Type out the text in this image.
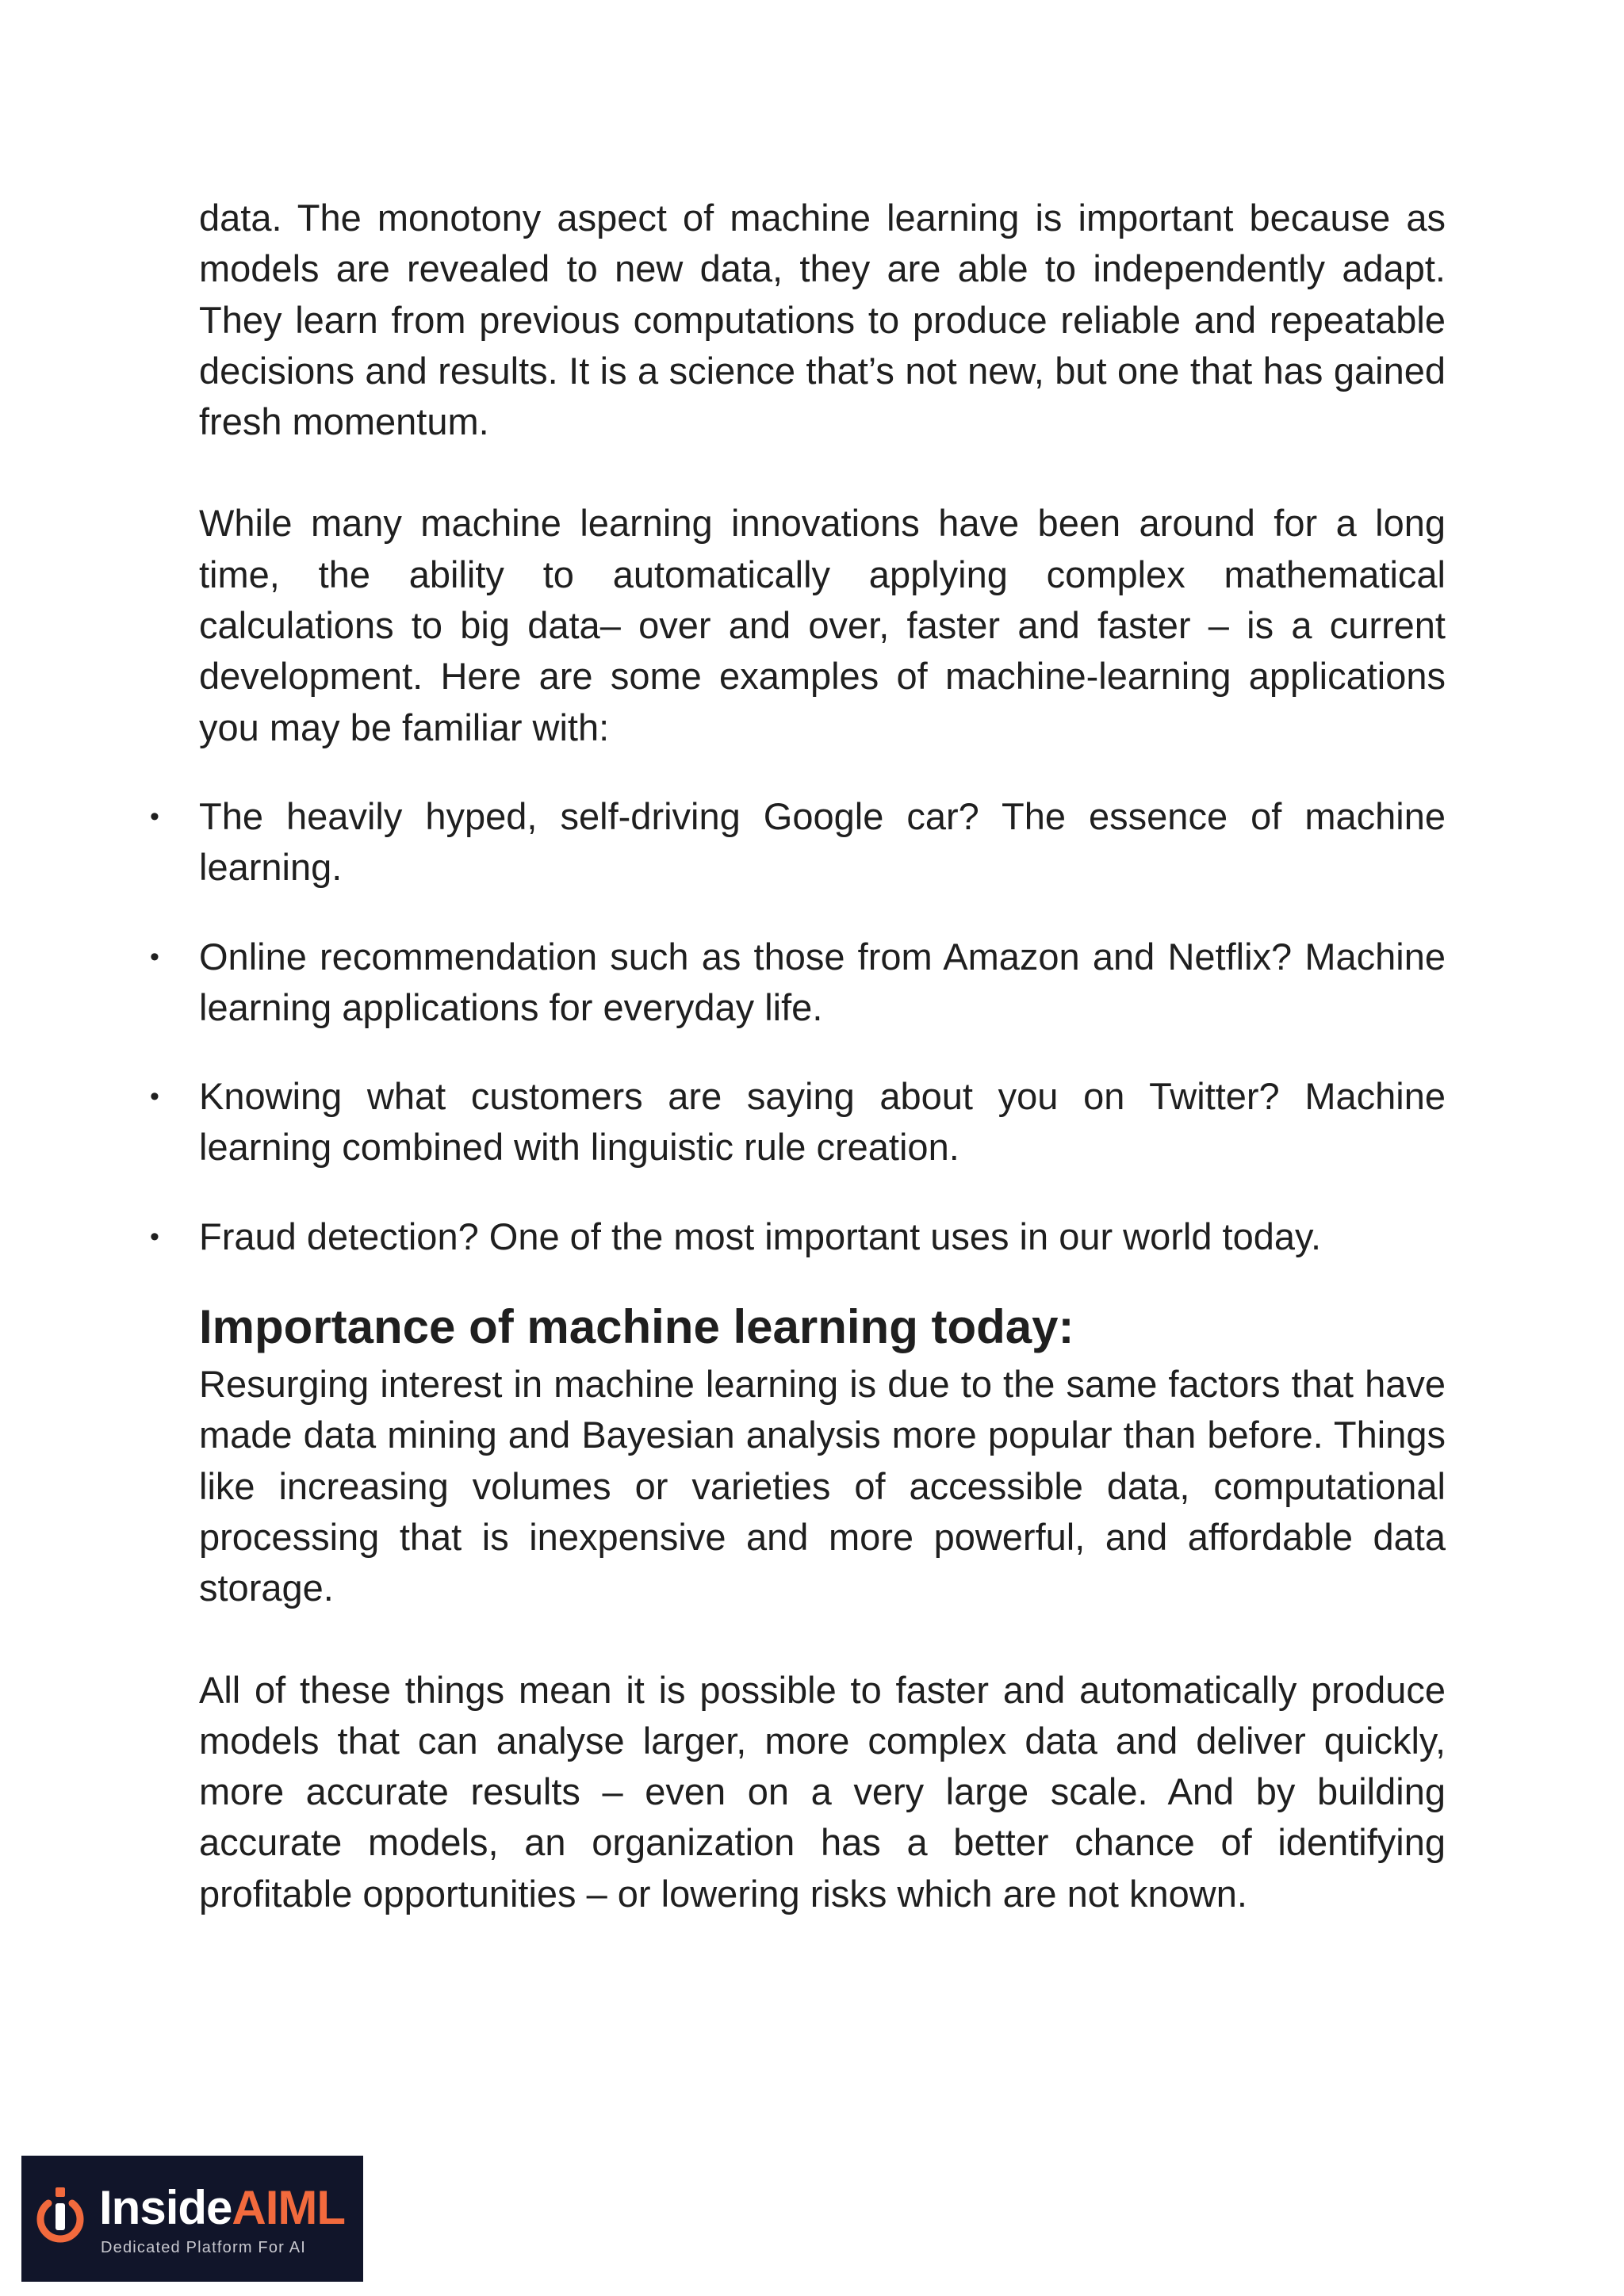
data. The monotony aspect of machine learning is important because as models are revealed to new data, they are able to independently adapt. They learn from previous computations to produce reliable and repeatable decisions and results. It is a science that’s not new, but one that has gained fresh momentum.

While many machine learning innovations have been around for a long time, the ability to automatically applying complex mathematical calculations to big data– over and over, faster and faster – is a current development. Here are some examples of machine-learning applications you may be familiar with:

• The heavily hyped, self-driving Google car? The essence of machine learning.
• Online recommendation such as those from Amazon and Netflix? Machine learning applications for everyday life.
• Knowing what customers are saying about you on Twitter? Machine learning combined with linguistic rule creation.
• Fraud detection? One of the most important uses in our world today.
Importance of machine learning today:

Resurging interest in machine learning is due to the same factors that have made data mining and Bayesian analysis more popular than before. Things like increasing volumes or varieties of accessible data, computational processing that is inexpensive and more powerful, and affordable data storage.

All of these things mean it is possible to faster and automatically produce models that can analyse larger, more complex data and deliver quickly, more accurate results – even on a very large scale. And by building accurate models, an organization has a better chance of identifying profitable opportunities – or lowering risks which are not known.

InsideAIML
Dedicated Platform For AI
